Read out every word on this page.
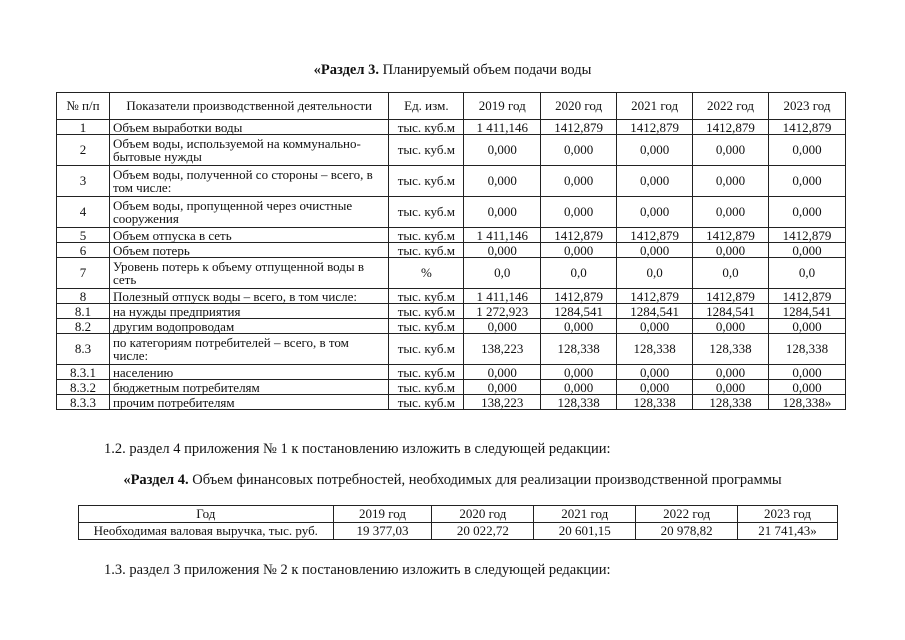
«Раздел 3. Планируемый объем подачи воды
№ п/п	Показатели производственной деятельности	Ед. изм.	2019 год	2020 год	2021 год	2022 год	2023 год
1	Объем выработки воды	тыс. куб.м	1 411,146	1412,879	1412,879	1412,879	1412,879
2	Объем воды, используемой на коммунально-бытовые нужды	тыс. куб.м	0,000	0,000	0,000	0,000	0,000
3	Объем воды, полученной со стороны – всего, в том числе:	тыс. куб.м	0,000	0,000	0,000	0,000	0,000
4	Объем воды, пропущенной через очистные сооружения	тыс. куб.м	0,000	0,000	0,000	0,000	0,000
5	Объем отпуска в сеть	тыс. куб.м	1 411,146	1412,879	1412,879	1412,879	1412,879
6	Объем потерь	тыс. куб.м	0,000	0,000	0,000	0,000	0,000
7	Уровень потерь к объему отпущенной воды в сеть	%	0,0	0,0	0,0	0,0	0,0
8	Полезный отпуск воды – всего, в том числе:	тыс. куб.м	1 411,146	1412,879	1412,879	1412,879	1412,879
8.1	на нужды предприятия	тыс. куб.м	1 272,923	1284,541	1284,541	1284,541	1284,541
8.2	другим водопроводам	тыс. куб.м	0,000	0,000	0,000	0,000	0,000
8.3	по категориям потребителей – всего, в том числе:	тыс. куб.м	138,223	128,338	128,338	128,338	128,338
8.3.1	населению	тыс. куб.м	0,000	0,000	0,000	0,000	0,000
8.3.2	бюджетным потребителям	тыс. куб.м	0,000	0,000	0,000	0,000	0,000
8.3.3	прочим потребителям	тыс. куб.м	138,223	128,338	128,338	128,338	128,338»
1.2. раздел 4 приложения № 1 к постановлению изложить в следующей редакции:
«Раздел 4. Объем финансовых потребностей, необходимых для реализации производственной программы
Год	2019 год	2020 год	2021 год	2022 год	2023 год
Необходимая валовая выручка, тыс. руб.	19 377,03	20 022,72	20 601,15	20 978,82	21 741,43»
1.3. раздел 3 приложения № 2 к постановлению изложить в следующей редакции:
